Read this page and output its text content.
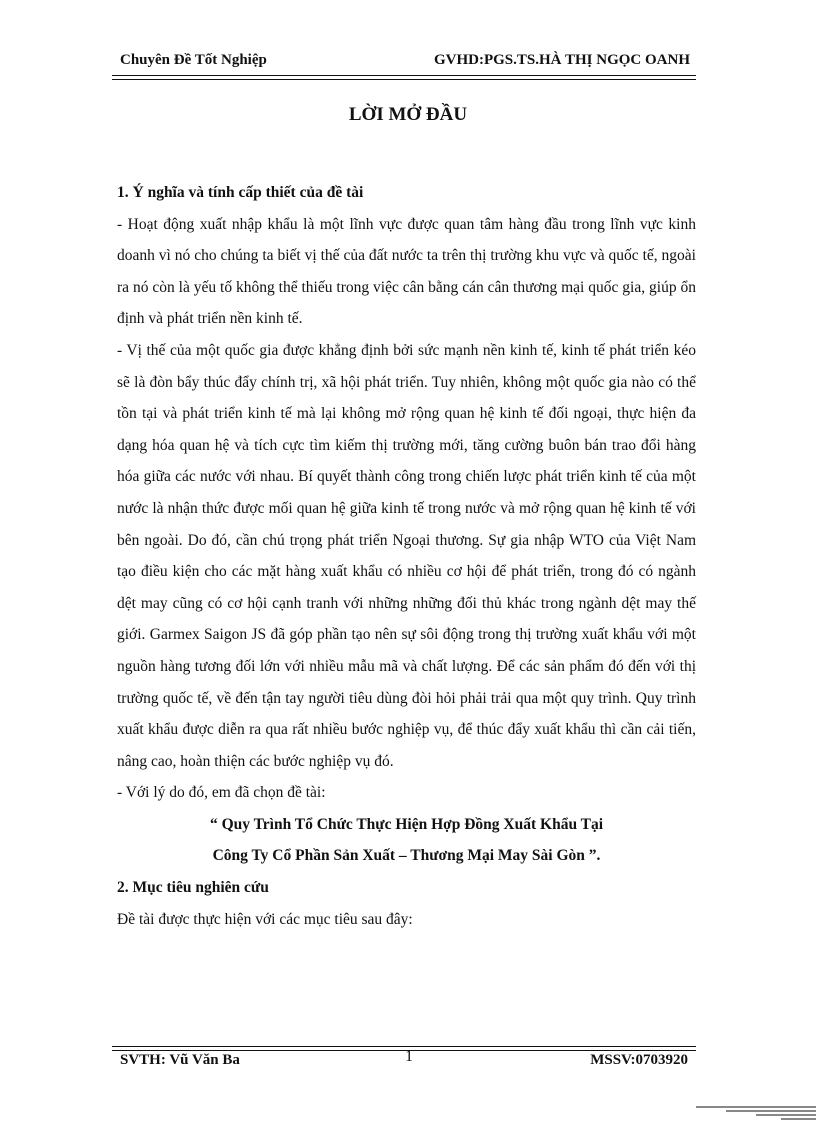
Chuyên Đề Tốt Nghiệp	GVHD:PGS.TS.HÀ THỊ NGỌC OANH
LỜI MỞ ĐẦU

1. Ý nghĩa và tính cấp thiết của đề tài

- Hoạt động xuất nhập khẩu là một lĩnh vực được quan tâm hàng đầu trong lĩnh vực kinh doanh vì nó cho chúng ta biết vị thế của đất nước ta trên thị trường khu vực và quốc tế, ngoài ra nó còn là yếu tố không thể thiếu trong việc cân bằng cán cân thương mại quốc gia, giúp ổn định và phát triển nền kinh tế.

- Vị thế của một quốc gia được khẳng định bởi sức mạnh nền kinh tế, kinh tế phát triển kéo sẽ là đòn bẩy thúc đẩy chính trị, xã hội phát triển. Tuy nhiên, không một quốc gia nào có thể tồn tại và phát triển kinh tế mà lại không mở rộng quan hệ kinh tế đối ngoại, thực hiện đa dạng hóa quan hệ và tích cực tìm kiếm thị trường mới, tăng cường buôn bán trao đổi hàng hóa giữa các nước với nhau. Bí quyết thành công trong chiến lược phát triển kinh tế của một nước là nhận thức được mối quan hệ giữa kinh tế trong nước và mở rộng quan hệ kinh tế với bên ngoài. Do đó, cần chú trọng phát triển Ngoại thương. Sự gia nhập WTO của Việt Nam tạo điều kiện cho các mặt hàng xuất khẩu có nhiều cơ hội để phát triển, trong đó có ngành dệt may cũng có cơ hội cạnh tranh với những những đối thủ khác trong ngành dệt may thế giới. Garmex Saigon JS đã góp phần tạo nên sự sôi động trong thị trường xuất khẩu với một nguồn hàng tương đối lớn với nhiều mẫu mã và chất lượng. Để các sản phẩm đó đến với thị trường quốc tế, về đến tận tay người tiêu dùng đòi hỏi phải trải qua một quy trình. Quy trình xuất khẩu được diễn ra qua rất nhiều bước nghiệp vụ, để thúc đẩy xuất khẩu thì cần cải tiến, nâng cao, hoàn thiện các bước nghiệp vụ đó.

- Với lý do đó, em đã chọn đề tài:

“ Quy Trình Tổ Chức Thực Hiện Hợp Đồng Xuất Khẩu Tại

Công Ty Cổ Phần Sản Xuất – Thương Mại May Sài Gòn ”.

2. Mục tiêu nghiên cứu

Đề tài được thực hiện với các mục tiêu sau đây:

SVTH: Vũ Văn Ba	1	MSSV:0703920
